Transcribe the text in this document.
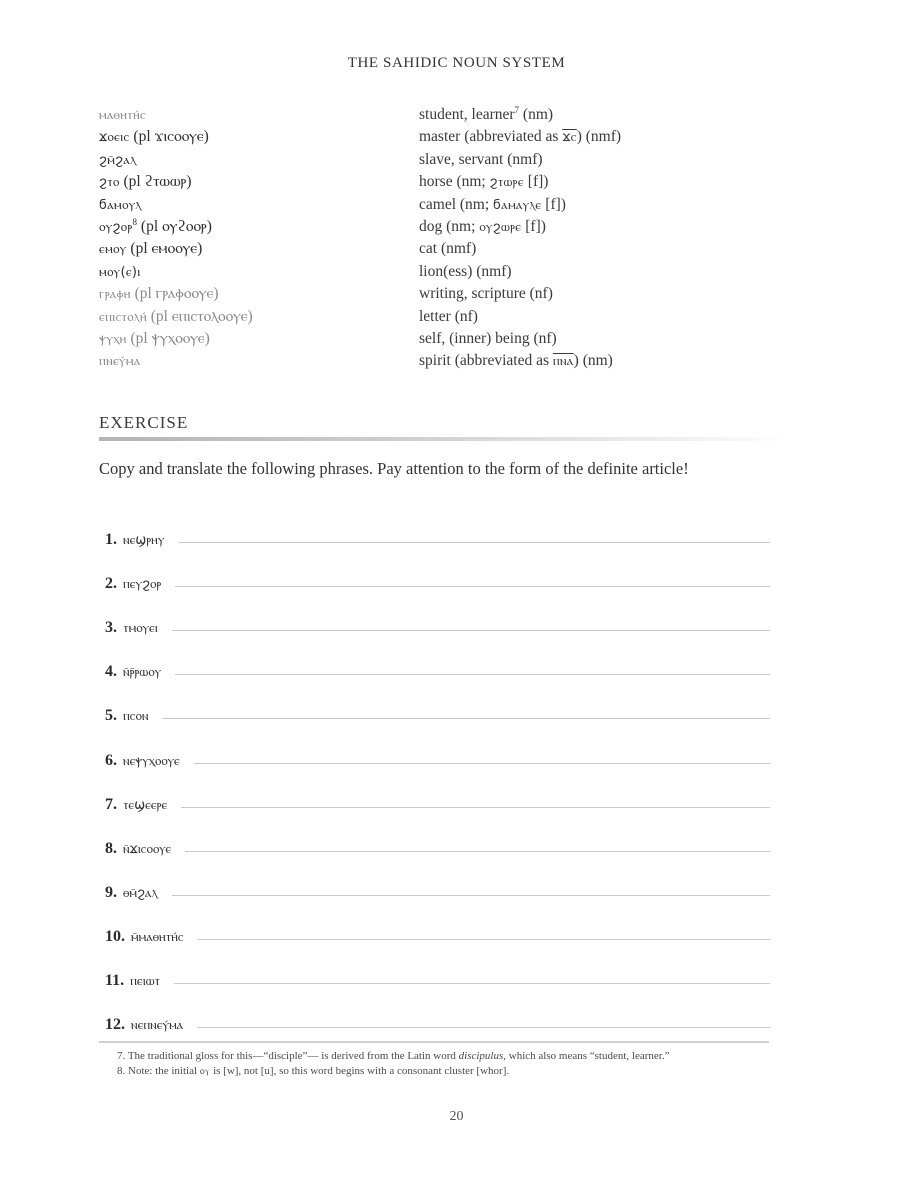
THE SAHIDIC NOUN SYSTEM
ⲙⲁⲑⲏⲧⲏ́ⲥ	student, learner$^7$ (nm)
ϫⲟⲉⲓⲥ (pl ϫⲓⲥⲟⲟⲩⲉ)	master (abbreviated as ϫⲥ) (nmf)
ϩⲙ̄ϩⲁⲗ	slave, servant (nmf)
ϩⲧⲟ (pl ϩⲧⲱⲱⲣ)	horse (nm; ϩⲧⲱⲣⲉ [f])
ϭⲁⲙⲟⲩⲗ	camel (nm; ϭⲁⲙⲁⲩⲗⲉ [f])
ⲟⲩϩⲟⲣ$^8$ (pl ⲟⲩϩⲟⲟⲣ)	dog (nm; ⲟⲩϩⲱⲣⲉ [f])
ⲉⲙⲟⲩ (pl ⲉⲙⲟⲟⲩⲉ)	cat (nmf)
ⲙⲟⲩ(ⲉ)ⲓ	lion(ess) (nmf)
ⲅⲣⲁⲫⲏ (pl ⲅⲣⲁⲫⲟⲟⲩⲉ)	writing, scripture (nf)
ⲉⲡⲓⲥⲧⲟⲗⲏ́ (pl ⲉⲡⲓⲥⲧⲟⲗⲟⲟⲩⲉ)	letter (nf)
ⲯⲩⲭⲏ (pl ⲯⲩⲭⲟⲟⲩⲉ)	self, (inner) being (nf)
ⲡⲛⲉⲩ́ⲙⲁ	spirit (abbreviated as ⲡⲛⲁ) (nm)
EXERCISE
Copy and translate the following phrases. Pay attention to the form of the definite article!
1. ⲛⲉϣⲣⲏⲩ
2. ⲡⲉⲩϩⲟⲣ
3. ⲧⲙⲟⲩⲉⲓ
4. ⲛ̄ⲣ̄ⲣⲱⲟⲩ
5. ⲡⲥⲟⲛ
6. ⲛⲉⲯⲩⲭⲟⲟⲩⲉ
7. ⲧⲉϣⲉⲉⲣⲉ
8. ⲛ̄ϫⲓⲥⲟⲟⲩⲉ
9. ⲑⲙ̄ϩⲁⲗ
10. ⲙ̄ⲙⲁⲑⲏⲧⲏ́ⲥ
11. ⲡⲉⲓⲱⲧ
12. ⲛⲉⲡⲛⲉⲩ́ⲙⲁ
7. The traditional gloss for this—“disciple”— is derived from the Latin word discipulus, which also means “student, learner.”
8. Note: the initial ⲟⲩ is [w], not [u], so this word begins with a consonant cluster [whor].
20
